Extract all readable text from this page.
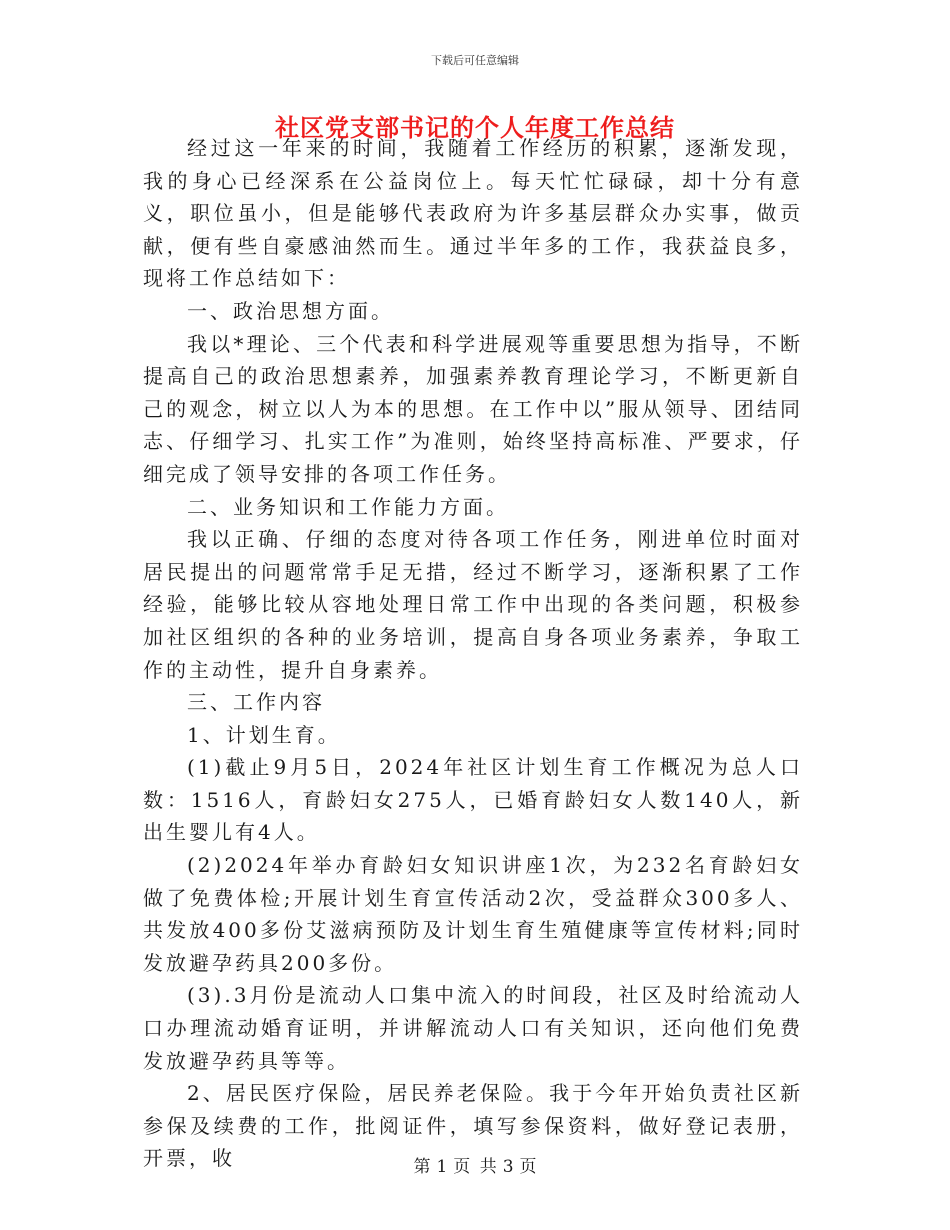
下载后可任意编辑
社区党支部书记的个人年度工作总结

经过这一年来的时间，我随着工作经历的积累，逐渐发现，我的身心已经深系在公益岗位上。每天忙忙碌碌，却十分有意义，职位虽小，但是能够代表政府为许多基层群众办实事，做贡献，便有些自豪感油然而生。通过半年多的工作，我获益良多，现将工作总结如下：

一、政治思想方面。

我以*理论、三个代表和科学进展观等重要思想为指导，不断提高自己的政治思想素养，加强素养教育理论学习，不断更新自己的观念，树立以人为本的思想。在工作中以”服从领导、团结同志、仔细学习、扎实工作”为准则，始终坚持高标准、严要求，仔细完成了领导安排的各项工作任务。

二、业务知识和工作能力方面。

我以正确、仔细的态度对待各项工作任务，刚进单位时面对居民提出的问题常常手足无措，经过不断学习，逐渐积累了工作经验，能够比较从容地处理日常工作中出现的各类问题，积极参加社区组织的各种的业务培训，提高自身各项业务素养，争取工作的主动性，提升自身素养。

三、工作内容

1、计划生育。

(1)截止9月5日，2024年社区计划生育工作概况为总人口数：1516人，育龄妇女275人，已婚育龄妇女人数140人，新出生婴儿有4人。

(2)2024年举办育龄妇女知识讲座1次，为232名育龄妇女做了免费体检;开展计划生育宣传活动2次，受益群众300多人、共发放400多份艾滋病预防及计划生育生殖健康等宣传材料;同时发放避孕药具200多份。

(3).3月份是流动人口集中流入的时间段，社区及时给流动人口办理流动婚育证明，并讲解流动人口有关知识，还向他们免费发放避孕药具等等。

2、居民医疗保险，居民养老保险。我于今年开始负责社区新参保及续费的工作，批阅证件，填写参保资料，做好登记表册，开票，收	第 1 页 共 3 页
